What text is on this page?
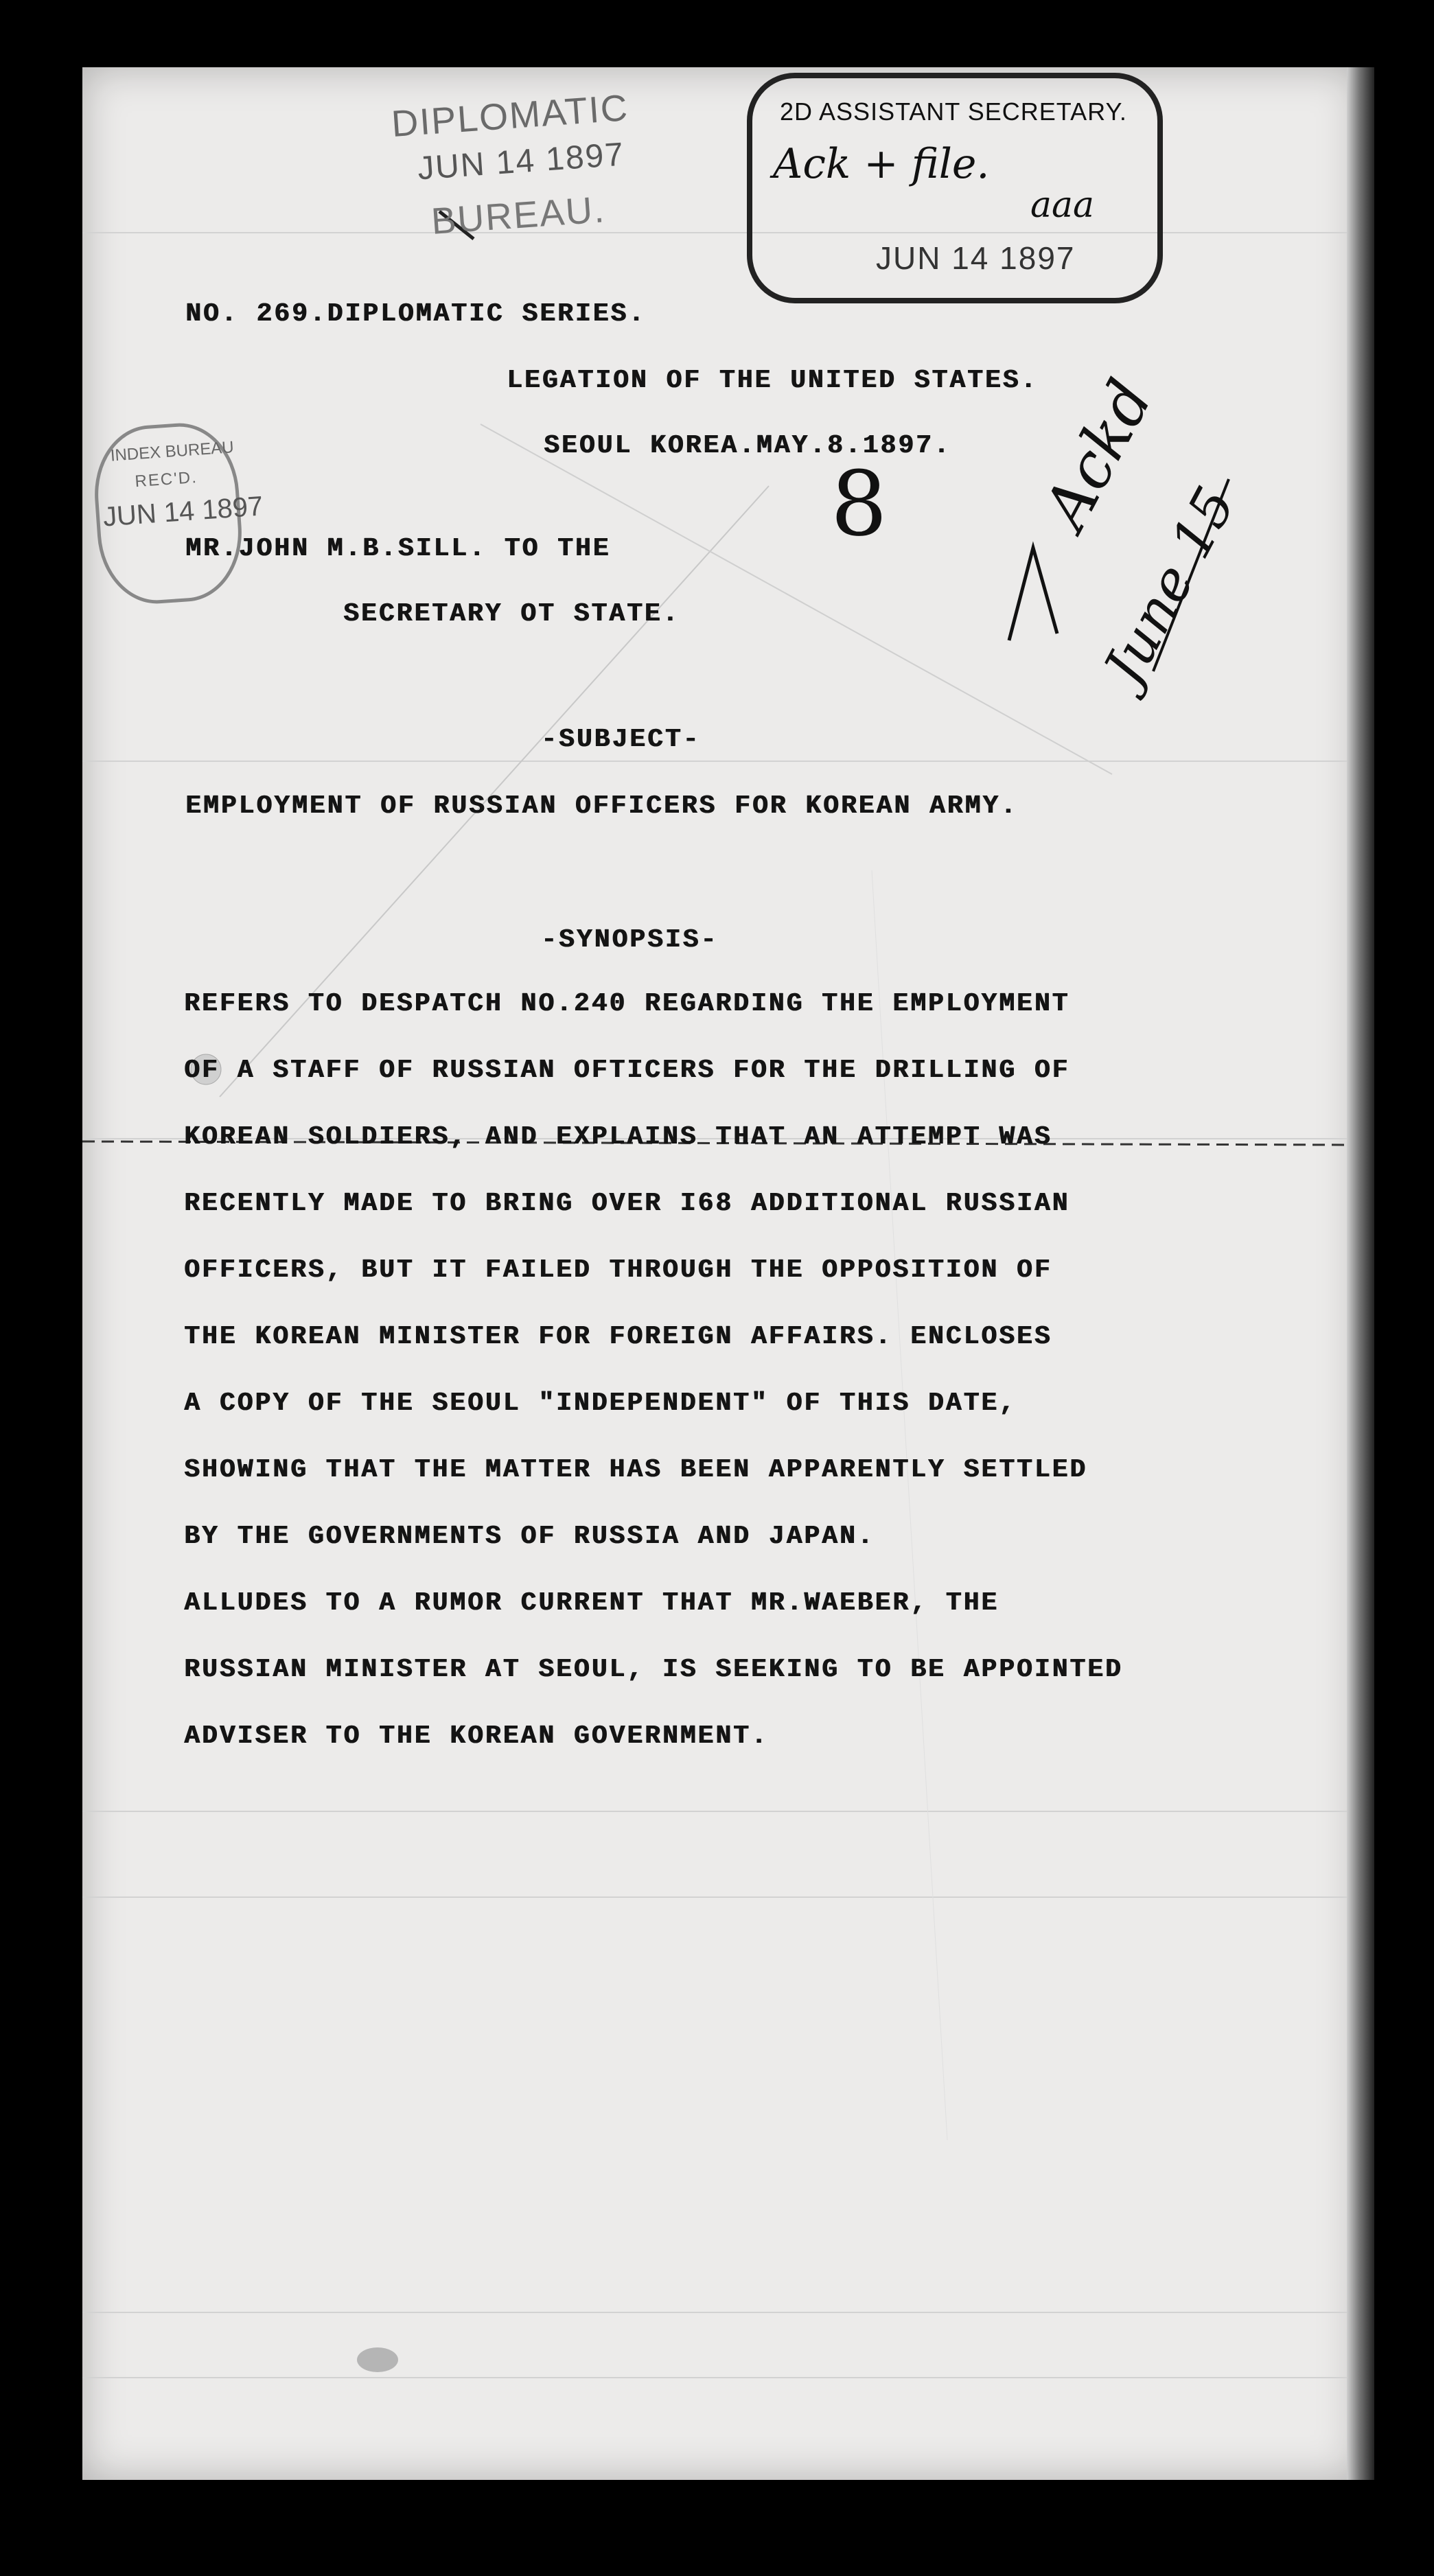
DIPLOMATIC
JUN 14 1897
BUREAU.
2D ASSISTANT SECRETARY.
Ack + file.
aaa
JUN 14 1897
INDEX BUREAU
REC'D.
JUN 14 1897	8 Ackd
June 15
NO. 269.DIPLOMATIC SERIES.
LEGATION OF THE UNITED STATES.
SEOUL KOREA.MAY.8.1897.
MR.JOHN M.B.SILL. TO THE
SECRETARY OT STATE.
-SUBJECT-
EMPLOYMENT OF RUSSIAN OFFICERS FOR KOREAN ARMY.
-SYNOPSIS-
REFERS TO DESPATCH NO.240 REGARDING THE EMPLOYMENT
OF A STAFF OF RUSSIAN OFTICERS FOR THE DRILLING OF
KOREAN SOLDIERS, AND EXPLAINS THAT AN ATTEMPT WAS
RECENTLY MADE TO BRING OVER I68 ADDITIONAL RUSSIAN
OFFICERS, BUT IT FAILED THROUGH THE OPPOSITION OF
THE KOREAN MINISTER FOR FOREIGN AFFAIRS. ENCLOSES
A COPY OF THE SEOUL "INDEPENDENT" OF THIS DATE,
SHOWING THAT THE MATTER HAS BEEN APPARENTLY SETTLED
BY THE GOVERNMENTS OF RUSSIA AND JAPAN.
ALLUDES TO A RUMOR CURRENT THAT MR.WAEBER, THE
RUSSIAN MINISTER AT SEOUL, IS SEEKING TO BE APPOINTED
ADVISER TO THE KOREAN GOVERNMENT.
